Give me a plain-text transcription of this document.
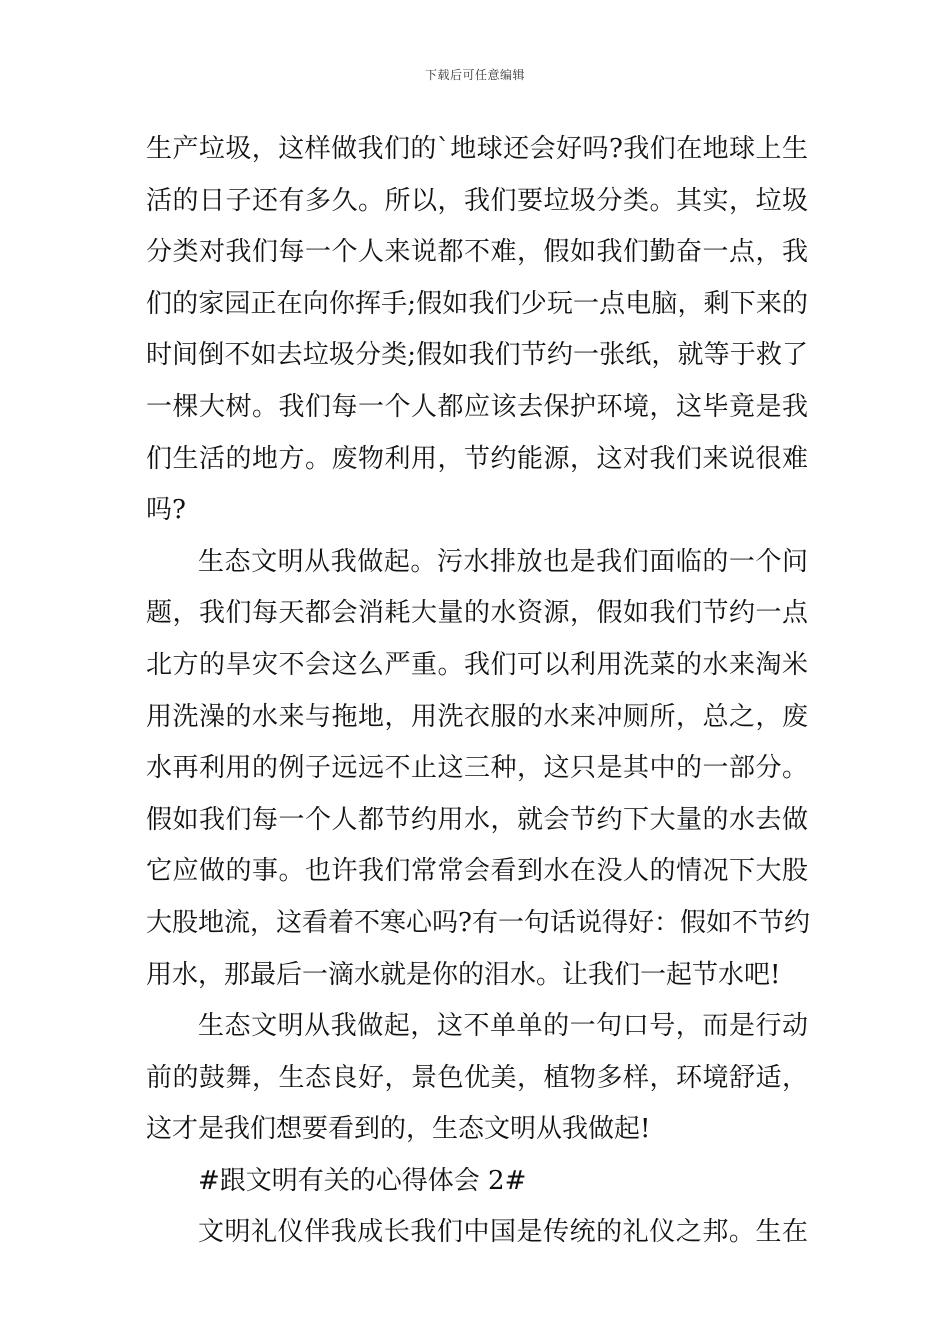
下载后可任意编辑
生产垃圾，这样做我们的`地球还会好吗?我们在地球上生
活的日子还有多久。所以，我们要垃圾分类。其实，垃圾
分类对我们每一个人来说都不难，假如我们勤奋一点，我
们的家园正在向你挥手;假如我们少玩一点电脑，剩下来的
时间倒不如去垃圾分类;假如我们节约一张纸，就等于救了
一棵大树。我们每一个人都应该去保护环境，这毕竟是我
们生活的地方。废物利用，节约能源，这对我们来说很难
吗?
生态文明从我做起。污水排放也是我们面临的一个问
题，我们每天都会消耗大量的水资源，假如我们节约一点
北方的旱灾不会这么严重。我们可以利用洗菜的水来淘米
用洗澡的水来与拖地，用洗衣服的水来冲厕所，总之，废
水再利用的例子远远不止这三种，这只是其中的一部分。
假如我们每一个人都节约用水，就会节约下大量的水去做
它应做的事。也许我们常常会看到水在没人的情况下大股
大股地流，这看着不寒心吗?有一句话说得好：假如不节约
用水，那最后一滴水就是你的泪水。让我们一起节水吧!
生态文明从我做起，这不单单的一句口号，而是行动
前的鼓舞，生态良好，景色优美，植物多样，环境舒适，
这才是我们想要看到的，生态文明从我做起!
#跟文明有关的心得体会 2#
文明礼仪伴我成长我们中国是传统的礼仪之邦。生在
